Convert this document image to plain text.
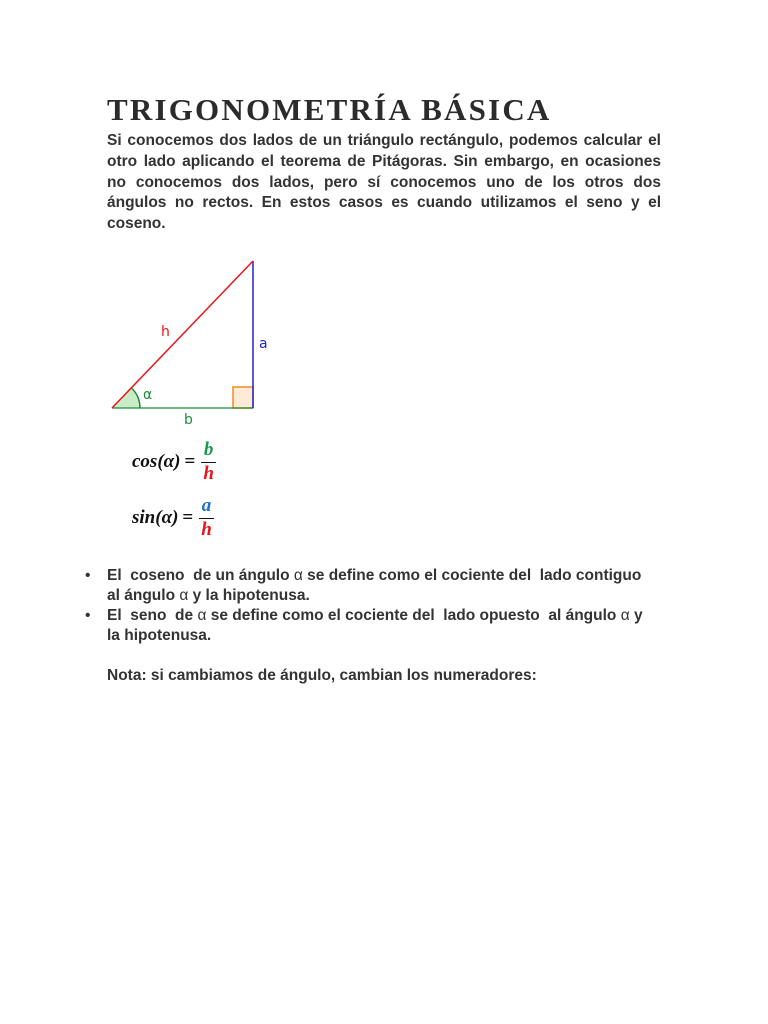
TRIGONOMETRÍA BÁSICA

Si conocemos dos lados de un triángulo rectángulo, podemos calcular el otro lado aplicando el teorema de Pitágoras. Sin embargo, en ocasiones no conocemos dos lados, pero sí conocemos uno de los otros dos ángulos no rectos. En estos casos es cuando utilizamos el seno y el coseno.

h
a
b
α
$\cos(\alpha) = \frac{b}{h}$
$\sin(\alpha) = \frac{a}{h}$
• El  coseno  de un ángulo α se define como el cociente del  lado contiguo  al ángulo α y la hipotenusa.
• El  seno  de α se define como el cociente del  lado opuesto  al ángulo α y la hipotenusa.

Nota: si cambiamos de ángulo, cambian los numeradores:
